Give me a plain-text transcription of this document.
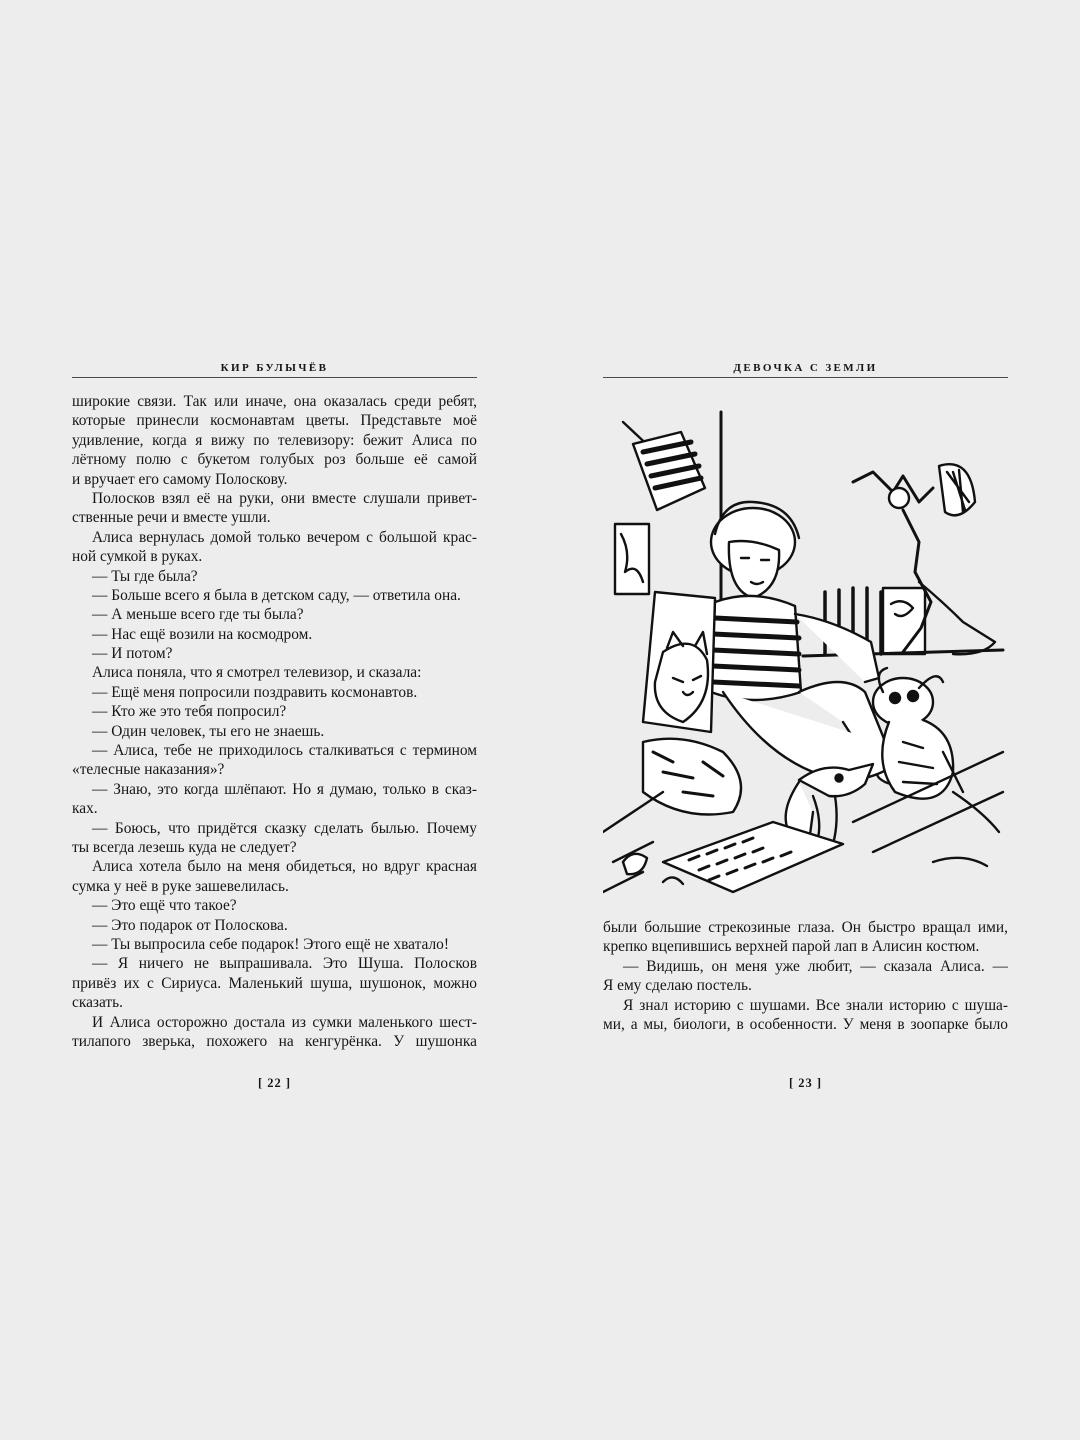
КИР БУЛЫЧЁВ
широкие связи. Так или иначе, она оказалась среди ребят,
которые принесли космонавтам цветы. Представьте моё
удивление, когда я вижу по телевизору: бежит Алиса по
лётному полю с букетом голубых роз больше её самой
и вручает его самому Полоскову.
Полосков взял её на руки, они вместе слушали привет-
ственные речи и вместе ушли.
Алиса вернулась домой только вечером с большой крас-
ной сумкой в руках.
— Ты где была?
— Больше всего я была в детском саду, — ответила она.
— А меньше всего где ты была?
— Нас ещё возили на космодром.
— И потом?
Алиса поняла, что я смотрел телевизор, и сказала:
— Ещё меня попросили поздравить космонавтов.
— Кто же это тебя попросил?
— Один человек, ты его не знаешь.
— Алиса, тебе не приходилось сталкиваться с термином
«телесные наказания»?
— Знаю, это когда шлёпают. Но я думаю, только в сказ-
ках.
— Боюсь, что придётся сказку сделать былью. Почему
ты всегда лезешь куда не следует?
Алиса хотела было на меня обидеться, но вдруг красная
сумка у неё в руке зашевелилась.
— Это ещё что такое?
— Это подарок от Полоскова.
— Ты выпросила себе подарок! Этого ещё не хватало!
— Я ничего не выпрашивала. Это Шуша. Полосков
привёз их с Сириуса. Маленький шуша, шушонок, можно
сказать.
И Алиса осторожно достала из сумки маленького шест-
тилапого зверька, похожего на кенгурёнка. У шушонка
[ 22 ]
ДЕВОЧКА С ЗЕМЛИ
были большие стрекозиные глаза. Он быстро вращал ими,
крепко вцепившись верхней парой лап в Алисин костюм.
— Видишь, он меня уже любит, — сказала Алиса. —
Я ему сделаю постель.
Я знал историю с шушами. Все знали историю с шуша-
ми, а мы, биологи, в особенности. У меня в зоопарке было
[ 23 ]
